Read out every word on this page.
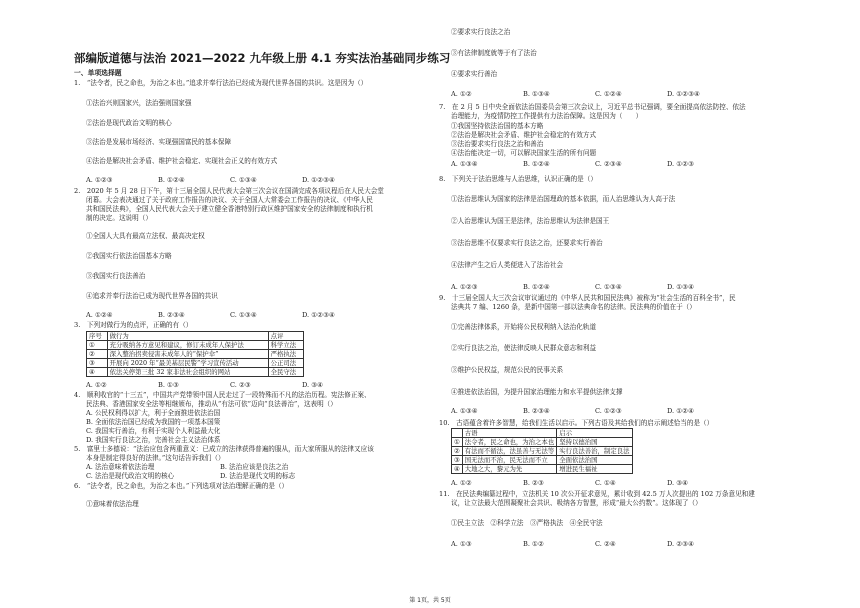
部编版道德与法治 2021—2022 九年级上册 4.1 夯实法治基础同步练习
一、单项选择题
1.　“法令者，民之命也，为治之本也。”追求并奉行法治已经成为现代世界各国的共识。这是因为（）
①法治兴则国家兴，法治强则国家强
②法治是现代政治文明的核心
③法治是发展市场经济、实现强国富民的基本保障
④法治是解决社会矛盾、维护社会稳定、实现社会正义的有效方式
A. ①②③	B. ①②④	C. ①③④	D. ①②③④
2.　2020 年 5 月 28 日下午，第十三届全国人民代表大会第三次会议在国满完成各项议程后在人民大会堂
闭幕。大会表决通过了关于政府工作报告的决议、关于全国人大常委会工作报告的决议、《中华人民
共和国民法典》，全国人民代表大会关于建立健全香港特别行政区维护国家安全的法律制度和执行机
制的决定。这说明（）
①全国人大具有最高立法权、最高决定权
②我国实行依法治国基本方略
③我国实行良法善治
④追求并奉行法治已成为现代世界各国的共识
A. ①②④	B. ②③④	C. ①③④	D. ①②③④
3.　下列对做行为的点评，正确的有（）
序号	做行为	点评
①	充分吸纳各方意见和建议，修订未成年人保护法	科学立法
②	深入整治拐卖侵害未成年人的“保护伞”	严格执法
③	开展向 2020 年“最美基层民警”学习宣传活动	公正司法
④	依法关停第三批 32 家非法社会组织的网站	全民守法
A. ①②	B. ①③	C. ②③	D. ③④
4.　顺利收官的“十三五”，中国共产党带领中国人民走过了一段特殊而不凡的法治历程。宪法修正案、
民法典、香港国家安全法等相继颁布，推动从“有法可依”迈向“良法善治”，这表明（）
A. 公民权利得以扩大，利于全面推进依法治国
B. 全面依法治国已经成为我国的一项基本国策
C. 我国实行善治，有利于实现个人利益最大化
D. 我国实行良法之治，完善社会主义法治体系
5.　富里士多德说：“法治应包含两重意义：已成立的法律获得普遍的服从，而大家所服从的法律又应该
本身是制定得良好的法律。”这句话告诉我们（）
A. 法治意味着依法治理	B. 法治应该是良法之治
C. 法治是现代政治文明的核心	D. 法治是现代文明的标志
6.　“法令者，民之命也，为治之本也。”下列选项对法治理解正确的是（）
①意味着依法治理
②要求实行良法之治
③有法律制度就等于有了法治
④要求实行善治
A. ①②	B. ①③④	C. ①②④	D. ①②③④
7.　在 2 月 5 日中央全面依法治国委员会第三次会议上，习近平总书记强调，要全面提高依法防控、依法
治理能力，为疫情防控工作提供有力法治保障。这是因为（　　）
①我国坚持依法治国的基本方略
②法治是解决社会矛盾、维护社会稳定的有效方式
③法治要求实行良法之治和善治
④法治能决定一切，可以解决国家生活的所有问题
A. ①③④	B. ①②④	C. ②③④	D. ①②③
8.　下列关于法治思维与人治思维，认识正确的是（）
①法治思维认为国家的法律是治国理政的基本依据，而人治思维认为人高于法
②人治思维认为国王是法律，法治思维认为法律是国王
③法治思维不仅要求实行良法之治，还要求实行善治
④法律产生之后人类便进入了法治社会
A. ①②③	B. ①②④	C. ①③④	D. ①③④
9.　十三届全国人大三次会议审议通过的《中华人民共和国民法典》被称为“社会生活的百科全书”，民
法典共 7 编、1260 条，是新中国第一部以法典命名的法律。民法典的价值在于（）
①完善法律体系，开始将公民权利纳入法治化轨道
②实行良法之治，使法律反映人民群众意志和利益
③维护公民权益，规范公民的民事关系
④推进依法治国，为提升国家治理能力和水平提供法律支撑
A. ①③④	B. ②③④	C. ①②③	D. ①②④
10.　古语蕴含着许多智慧，给我们生活以启示。下列古语及其给我们的启示阐述恰当的是（）
	古语	启示
①	法令者，民之命也，为治之本也	坚持以德治国
②	有法而不循法，法虽善与无法等	实行良法善治，制定良法
③	国无法而不治，民无法而不立	全面依法治国
④	大地之大，黎元为先	增进民生福祉
A. ①②	B. ②③	C. ①④	D. ③④
11.　在民法典编纂过程中，立法机关 10 次公开征求意见，累计收到 42.5 万人次提出的 102 万条意见和建
议，让立法最大范围凝聚社会共识、吸纳各方智慧，形成“最大公约数”。这体现了（）
①民主立法　②科学立法　③严格执法　④全民守法
A. ①③	B. ①②	C. ②④	D. ②③④
第 1页，共 5页
